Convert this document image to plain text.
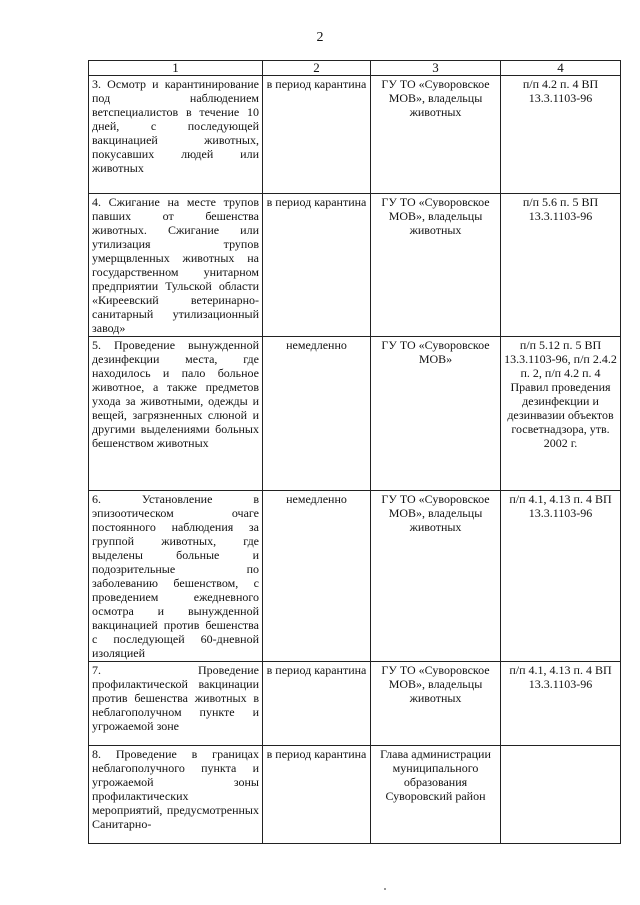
2
1	2	3	4
3. Осмотр и карантинирование под наблюдением ветспециалистов в течение 10 дней, с последующей вакцинацией животных, покусавших людей или животных	в период карантина	ГУ ТО «Суворовское МОВ», владельцы животных	п/п 4.2 п. 4 ВП 13.3.1103-96
4. Сжигание на месте трупов павших от бешенства животных. Сжигание или утилизация трупов умерщвленных животных на государственном унитарном предприятии Тульской области «Киреевский ветеринарно-санитарный утилизационный завод»	в период карантина	ГУ ТО «Суворовское МОВ», владельцы животных	п/п 5.6 п. 5 ВП 13.3.1103-96
5. Проведение вынужденной дезинфекции места, где находилось и пало больное животное, а также предметов ухода за животными, одежды и вещей, загрязненных слюной и другими выделениями больных бешенством животных	немедленно	ГУ ТО «Суворовское МОВ»	п/п 5.12 п. 5 ВП 13.3.1103-96, п/п 2.4.2 п. 2, п/п 4.2 п. 4 Правил проведения дезинфекции и дезинвазии объектов госветнадзора, утв. 2002 г.
6. Установление в эпизоотическом очаге постоянного наблюдения за группой животных, где выделены больные и подозрительные по заболеванию бешенством, с проведением ежедневного осмотра и вынужденной вакцинацией против бешенства с последующей 60-дневной изоляцией	немедленно	ГУ ТО «Суворовское МОВ», владельцы животных	п/п 4.1, 4.13 п. 4 ВП 13.3.1103-96
7. Проведение профилактической вакцинации против бешенства животных в неблагополучном пункте и угрожаемой зоне	в период карантина	ГУ ТО «Суворовское МОВ», владельцы животных	п/п 4.1, 4.13 п. 4 ВП 13.3.1103-96
8. Проведение в границах неблагополучного пункта и угрожаемой зоны профилактических мероприятий, предусмотренных Санитарно-	в период карантина	Глава администрации муниципального образования Суворовский район	
